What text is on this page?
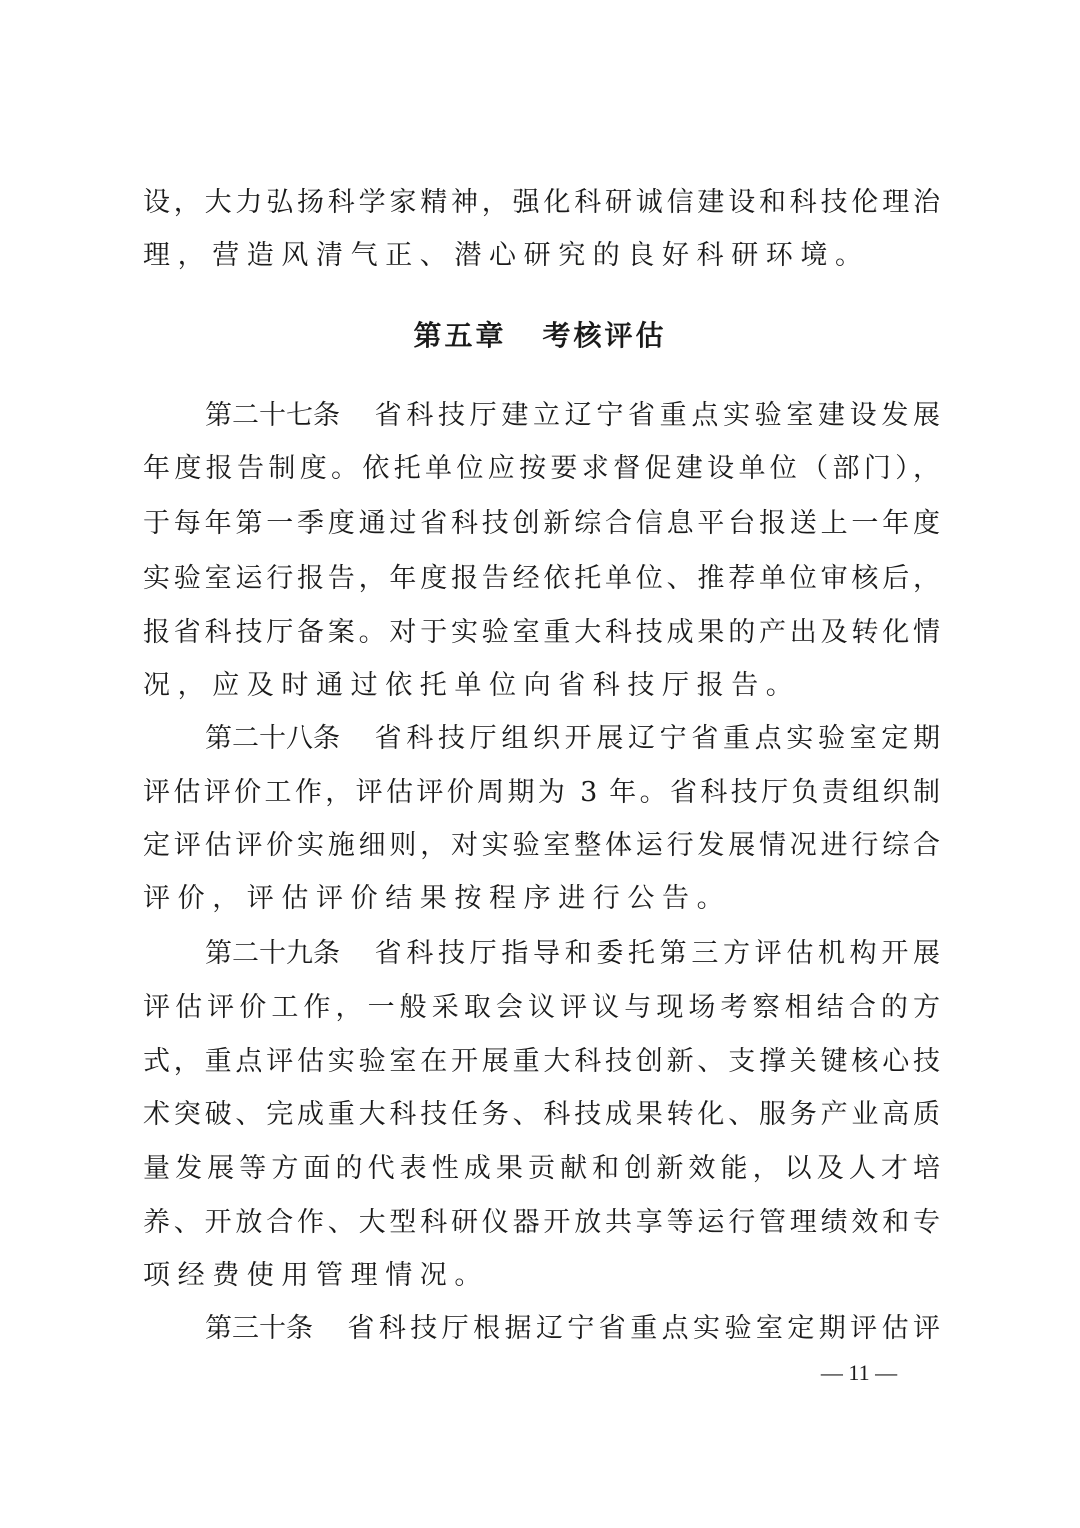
设，大力弘扬科学家精神，强化科研诚信建设和科技伦理治
理，营造风清气正、潜心研究的良好科研环境。
第五章 考核评估
第二十七条 省科技厅建立辽宁省重点实验室建设发展
年度报告制度。依托单位应按要求督促建设单位（部门），
于每年第一季度通过省科技创新综合信息平台报送上一年度
实验室运行报告，年度报告经依托单位、推荐单位审核后，
报省科技厅备案。对于实验室重大科技成果的产出及转化情
况，应及时通过依托单位向省科技厅报告。
第二十八条 省科技厅组织开展辽宁省重点实验室定期
评估评价工作，评估评价周期为 3 年。省科技厅负责组织制
定评估评价实施细则，对实验室整体运行发展情况进行综合
评价，评估评价结果按程序进行公告。
第二十九条 省科技厅指导和委托第三方评估机构开展
评估评价工作，一般采取会议评议与现场考察相结合的方
式，重点评估实验室在开展重大科技创新、支撑关键核心技
术突破、完成重大科技任务、科技成果转化、服务产业高质
量发展等方面的代表性成果贡献和创新效能，以及人才培
养、开放合作、大型科研仪器开放共享等运行管理绩效和专
项经费使用管理情况。
第三十条 省科技厅根据辽宁省重点实验室定期评估评
— 11 —
